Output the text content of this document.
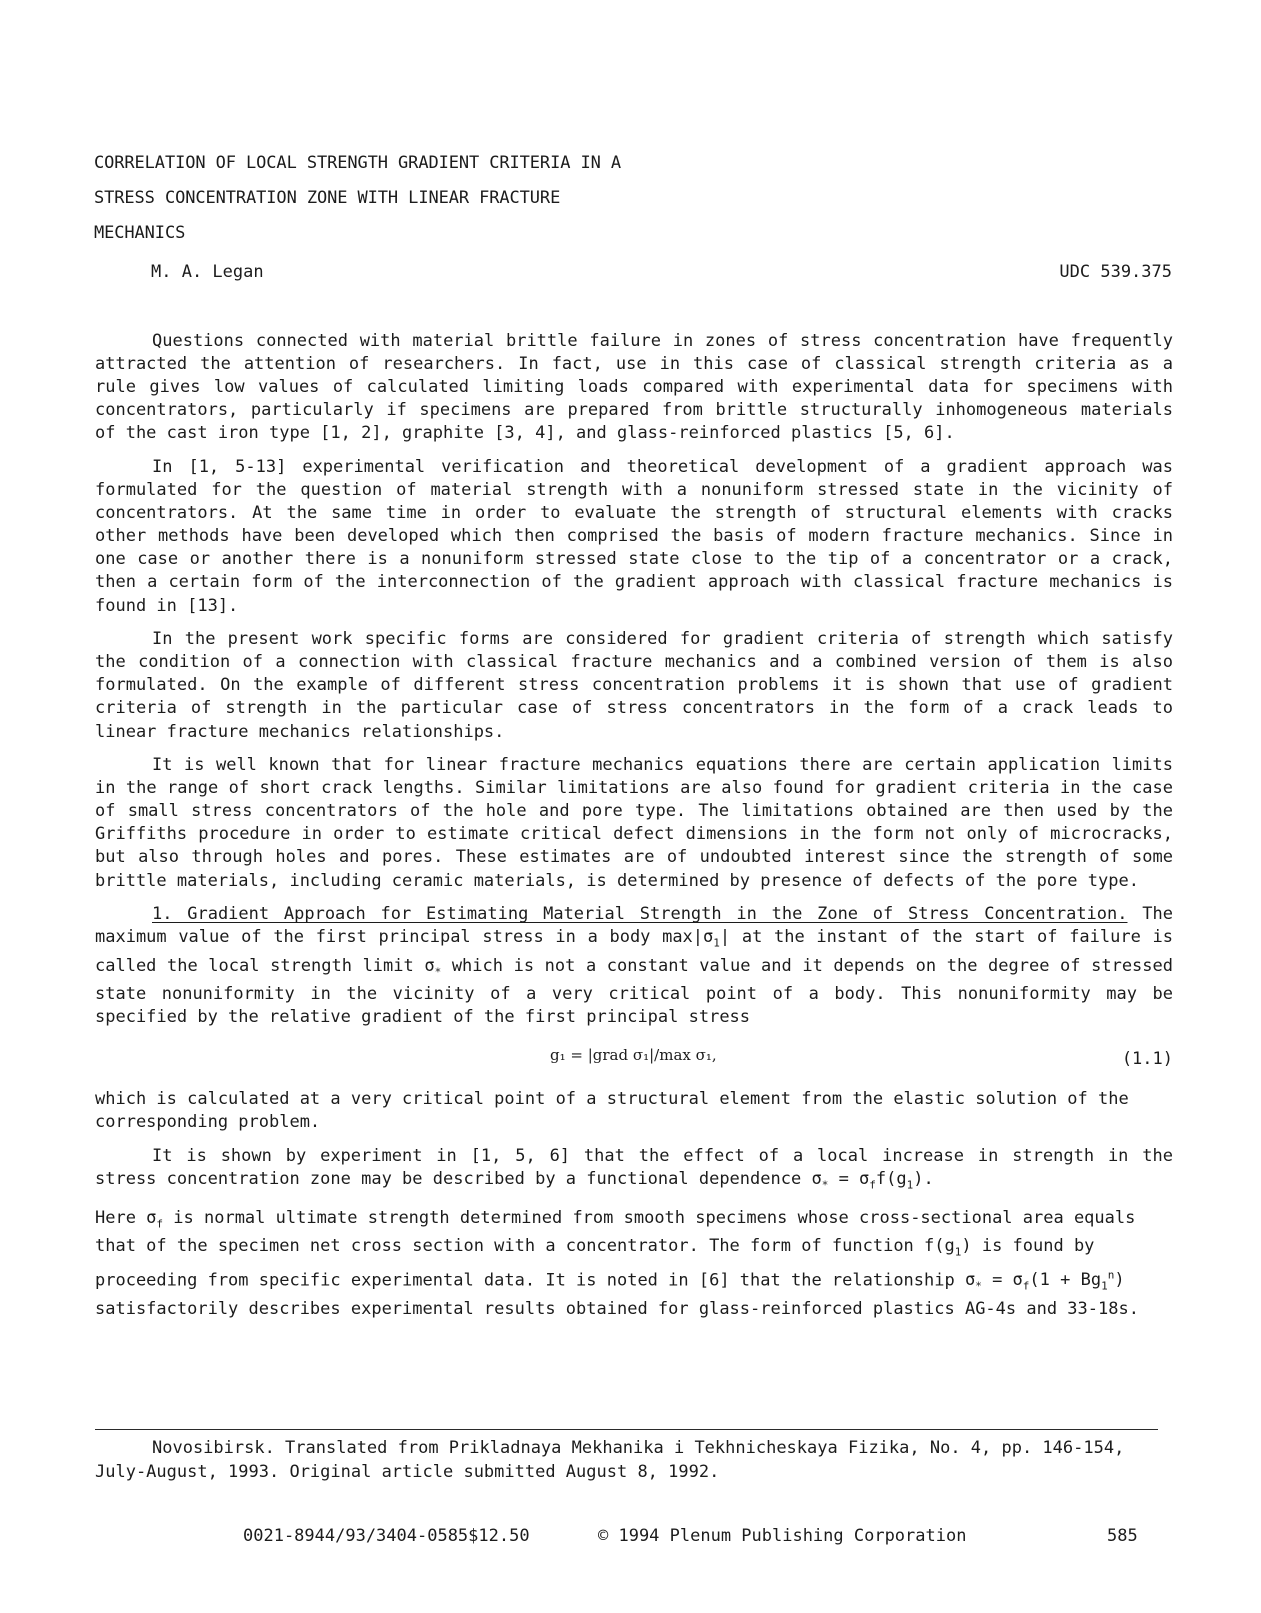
CORRELATION OF LOCAL STRENGTH GRADIENT CRITERIA IN A
STRESS CONCENTRATION ZONE WITH LINEAR FRACTURE
MECHANICS
M. A. Legan	UDC 539.375

Questions connected with material brittle failure in zones of stress concentration have frequently attracted the attention of researchers. In fact, use in this case of classical strength criteria as a rule gives low values of calculated limiting loads compared with experimental data for specimens with concentrators, particularly if specimens are prepared from brittle structurally inhomogeneous materials of the cast iron type [1, 2], graphite [3, 4], and glass-reinforced plastics [5, 6].

In [1, 5-13] experimental verification and theoretical development of a gradient approach was formulated for the question of material strength with a nonuniform stressed state in the vicinity of concentrators. At the same time in order to evaluate the strength of structural elements with cracks other methods have been developed which then comprised the basis of modern fracture mechanics. Since in one case or another there is a nonuniform stressed state close to the tip of a concentrator or a crack, then a certain form of the interconnection of the gradient approach with classical fracture mechanics is found in [13].

In the present work specific forms are considered for gradient criteria of strength which satisfy the condition of a connection with classical fracture mechanics and a combined version of them is also formulated. On the example of different stress concentration problems it is shown that use of gradient criteria of strength in the particular case of stress concentrators in the form of a crack leads to linear fracture mechanics relationships.

It is well known that for linear fracture mechanics equations there are certain application limits in the range of short crack lengths. Similar limitations are also found for gradient criteria in the case of small stress concentrators of the hole and pore type. The limitations obtained are then used by the Griffiths procedure in order to estimate critical defect dimensions in the form not only of microcracks, but also through holes and pores. These estimates are of undoubted interest since the strength of some brittle materials, including ceramic materials, is determined by presence of defects of the pore type.

1. Gradient Approach for Estimating Material Strength in the Zone of Stress Concentration. The maximum value of the first principal stress in a body $\max|\sigma_1|$ at the instant of the start of failure is called the local strength limit $\sigma_*$ which is not a constant value and it depends on the degree of stressed state nonuniformity in the vicinity of a very critical point of a body. This nonuniformity may be specified by the relative gradient of the first principal stress

g₁ = |grad σ₁|/max σ₁,	(1.1)

which is calculated at a very critical point of a structural element from the elastic solution of the corresponding problem.

It is shown by experiment in [1, 5, 6] that the effect of a local increase in strength in the stress concentration zone may be described by a functional dependence $\sigma_* = \sigma_ff(g_1)$.

Here $\sigma_f$ is normal ultimate strength determined from smooth specimens whose cross-sectional area equals that of the specimen net cross section with a concentrator. The form of function $f(g_1)$ is found by proceeding from specific experimental data. It is noted in [6] that the relationship $\sigma_* = \sigma_f(1 + Bg_1^n)$ satisfactorily describes experimental results obtained for glass-reinforced plastics AG-4s and 33-18s.

Novosibirsk. Translated from Prikladnaya Mekhanika i Tekhnicheskaya Fizika, No. 4, pp. 146-154, July-August, 1993. Original article submitted August 8, 1992.
0021-8944/93/3404-0585$12.50	© 1994 Plenum Publishing Corporation	585
